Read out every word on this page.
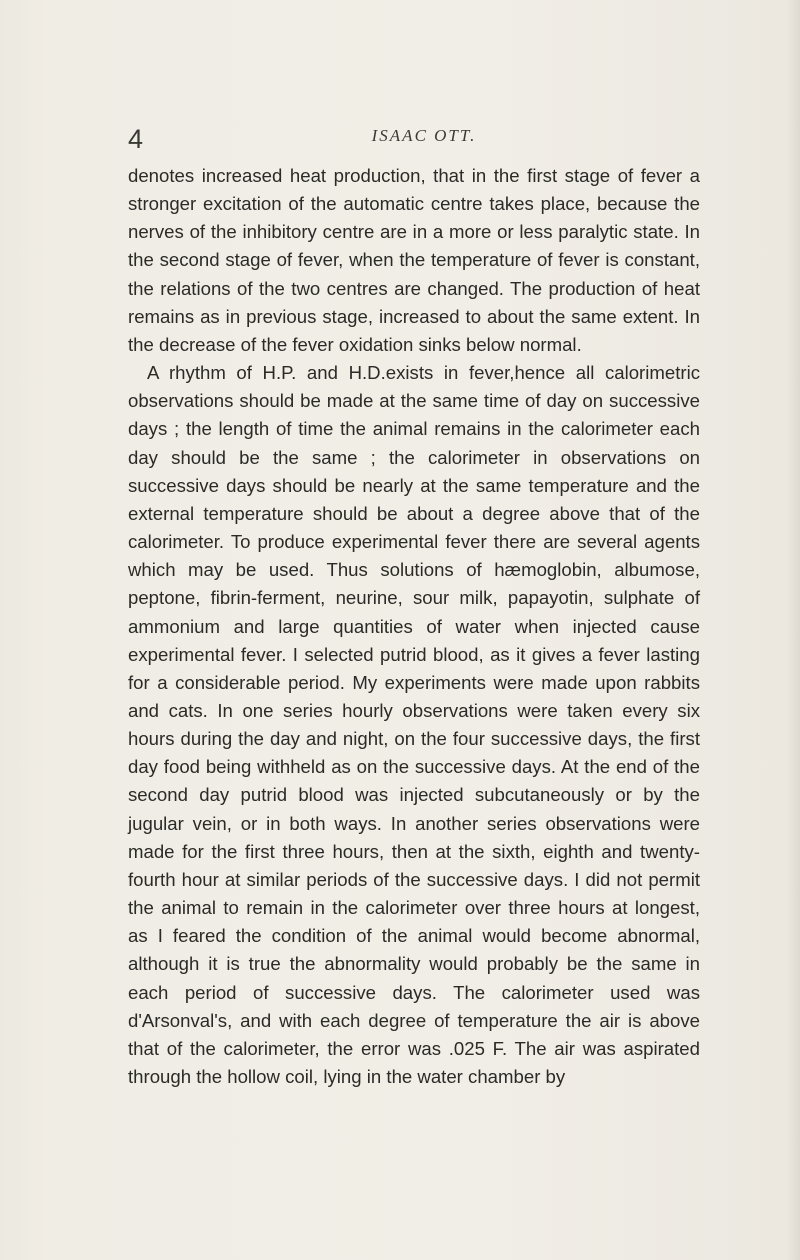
4	ISAAC OTT.

denotes increased heat production, that in the first stage of fever a stronger excitation of the automatic centre takes place, because the nerves of the inhibitory centre are in a more or less paralytic state. In the second stage of fever, when the temperature of fever is constant, the relations of the two centres are changed. The production of heat remains as in previous stage, increased to about the same extent. In the decrease of the fever oxidation sinks below normal.

A rhythm of H.P. and H.D.exists in fever,hence all calorimetric observations should be made at the same time of day on successive days ; the length of time the animal remains in the calorimeter each day should be the same ; the calorimeter in observations on successive days should be nearly at the same temperature and the external temperature should be about a degree above that of the calorimeter. To produce experimental fever there are several agents which may be used. Thus solutions of hæmoglobin, albumose, peptone, fibrin-ferment, neurine, sour milk, papayotin, sulphate of ammonium and large quantities of water when injected cause experimental fever. I selected putrid blood, as it gives a fever lasting for a considerable period. My experiments were made upon rabbits and cats. In one series hourly observations were taken every six hours during the day and night, on the four successive days, the first day food being withheld as on the successive days. At the end of the second day putrid blood was injected subcutaneously or by the jugular vein, or in both ways. In another series observations were made for the first three hours, then at the sixth, eighth and twenty-fourth hour at similar periods of the successive days. I did not permit the animal to remain in the calorimeter over three hours at longest, as I feared the condition of the animal would become abnormal, although it is true the abnormality would probably be the same in each period of successive days. The calorimeter used was d'Arsonval's, and with each degree of temperature the air is above that of the calorimeter, the error was .025 F. The air was aspirated through the hollow coil, lying in the water chamber by
